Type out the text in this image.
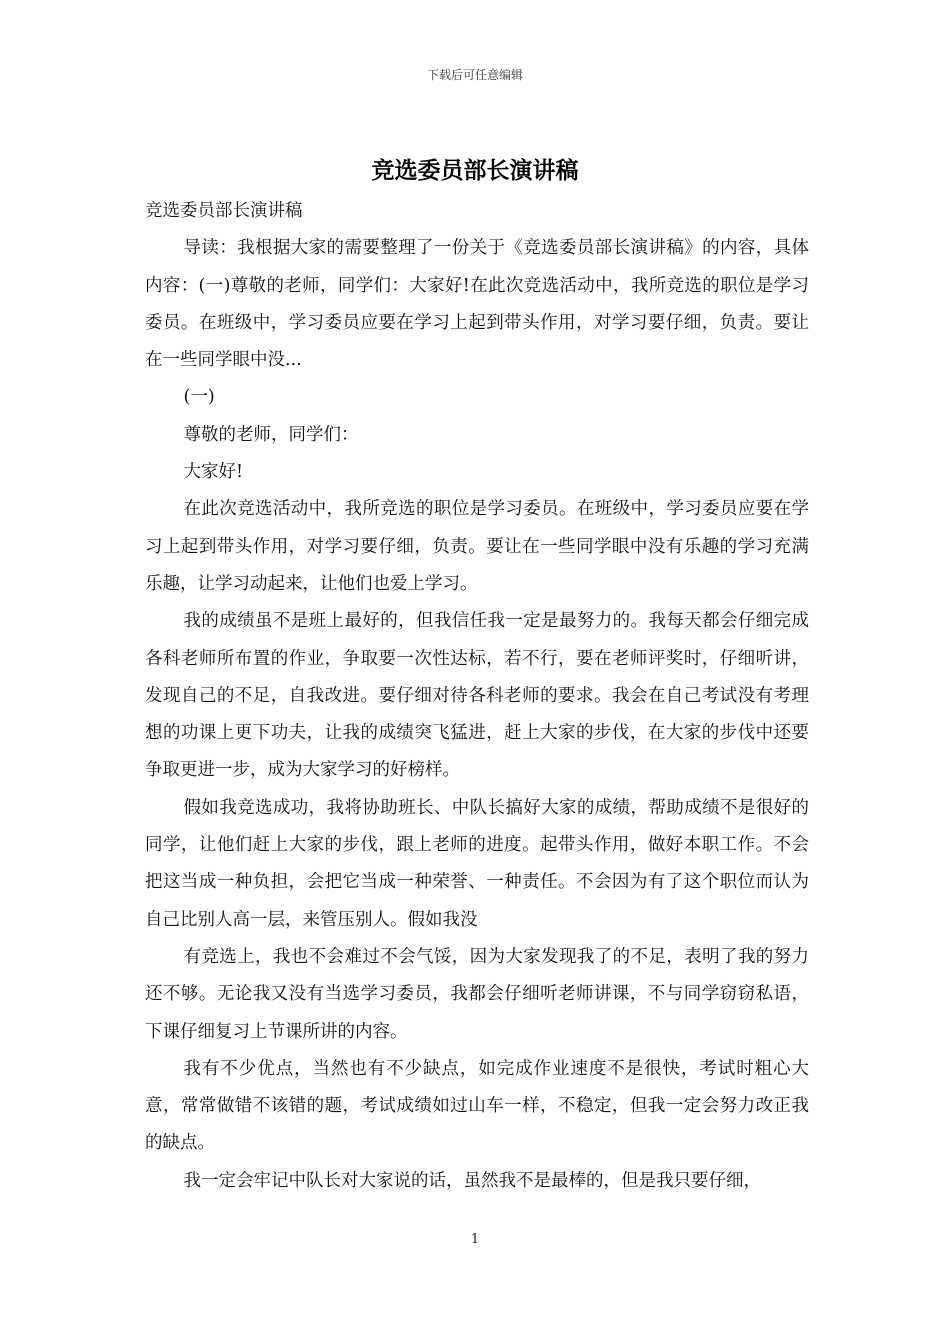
下载后可任意编辑
竞选委员部长演讲稿

竞选委员部长演讲稿

导读：我根据大家的需要整理了一份关于《竞选委员部长演讲稿》的内容，具体内容：(一)尊敬的老师，同学们：大家好!在此次竞选活动中，我所竞选的职位是学习委员。在班级中，学习委员应要在学习上起到带头作用，对学习要仔细，负责。要让在一些同学眼中没...

(一)

尊敬的老师，同学们：

大家好!

在此次竞选活动中，我所竞选的职位是学习委员。在班级中，学习委员应要在学习上起到带头作用，对学习要仔细，负责。要让在一些同学眼中没有乐趣的学习充满乐趣，让学习动起来，让他们也爱上学习。

我的成绩虽不是班上最好的，但我信任我一定是最努力的。我每天都会仔细完成各科老师所布置的作业，争取要一次性达标，若不行，要在老师评奖时，仔细听讲，发现自己的不足，自我改进。要仔细对待各科老师的要求。我会在自己考试没有考理想的功课上更下功夫，让我的成绩突飞猛进，赶上大家的步伐，在大家的步伐中还要争取更进一步，成为大家学习的好榜样。

假如我竞选成功，我将协助班长、中队长搞好大家的成绩，帮助成绩不是很好的同学，让他们赶上大家的步伐，跟上老师的进度。起带头作用，做好本职工作。不会把这当成一种负担，会把它当成一种荣誉、一种责任。不会因为有了这个职位而认为自己比别人高一层，来管压别人。假如我没

有竞选上，我也不会难过不会气馁，因为大家发现我了的不足，表明了我的努力还不够。无论我又没有当选学习委员，我都会仔细听老师讲课，不与同学窃窃私语，下课仔细复习上节课所讲的内容。

我有不少优点，当然也有不少缺点，如完成作业速度不是很快，考试时粗心大意，常常做错不该错的题，考试成绩如过山车一样，不稳定，但我一定会努力改正我的缺点。

我一定会牢记中队长对大家说的话，虽然我不是最棒的，但是我只要仔细，

1
